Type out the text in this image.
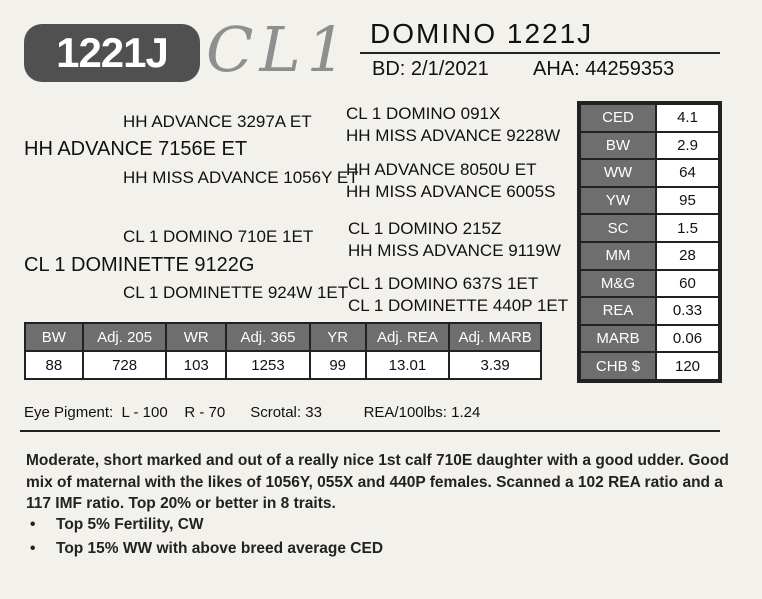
1221J CL1 DOMINO 1221J
BD: 2/1/2021 AHA: 44259353
HH ADVANCE 3297A ET
HH ADVANCE 7156E ET
HH MISS ADVANCE 1056Y ET
CL 1 DOMINO 091X
HH MISS ADVANCE 9228W
HH ADVANCE 8050U ET
HH MISS ADVANCE 6005S
CL 1 DOMINO 710E 1ET
CL 1 DOMINETTE 9122G
CL 1 DOMINETTE 924W 1ET
CL 1 DOMINO 215Z
HH MISS ADVANCE 9119W
CL 1 DOMINO 637S 1ET
CL 1 DOMINETTE 440P 1ET
BW	Adj. 205	WR	Adj. 365	YR	Adj. REA	Adj. MARB
88	728	103	1253	99	13.01	3.39
CED	4.1
BW	2.9
WW	64
YW	95
SC	1.5
MM	28
M&G	60
REA	0.33
MARB	0.06
CHB $	120
Eye Pigment:  L - 100    R - 70      Scrotal: 33          REA/100lbs: 1.24
Moderate, short marked and out of a really nice 1st calf 710E daughter with a good udder. Good mix of maternal with the likes of 1056Y, 055X and 440P females. Scanned a 102 REA ratio and a 117 IMF ratio. Top 20% or better in 8 traits.
• Top 5% Fertility, CW
• Top 15% WW with above breed average CED
